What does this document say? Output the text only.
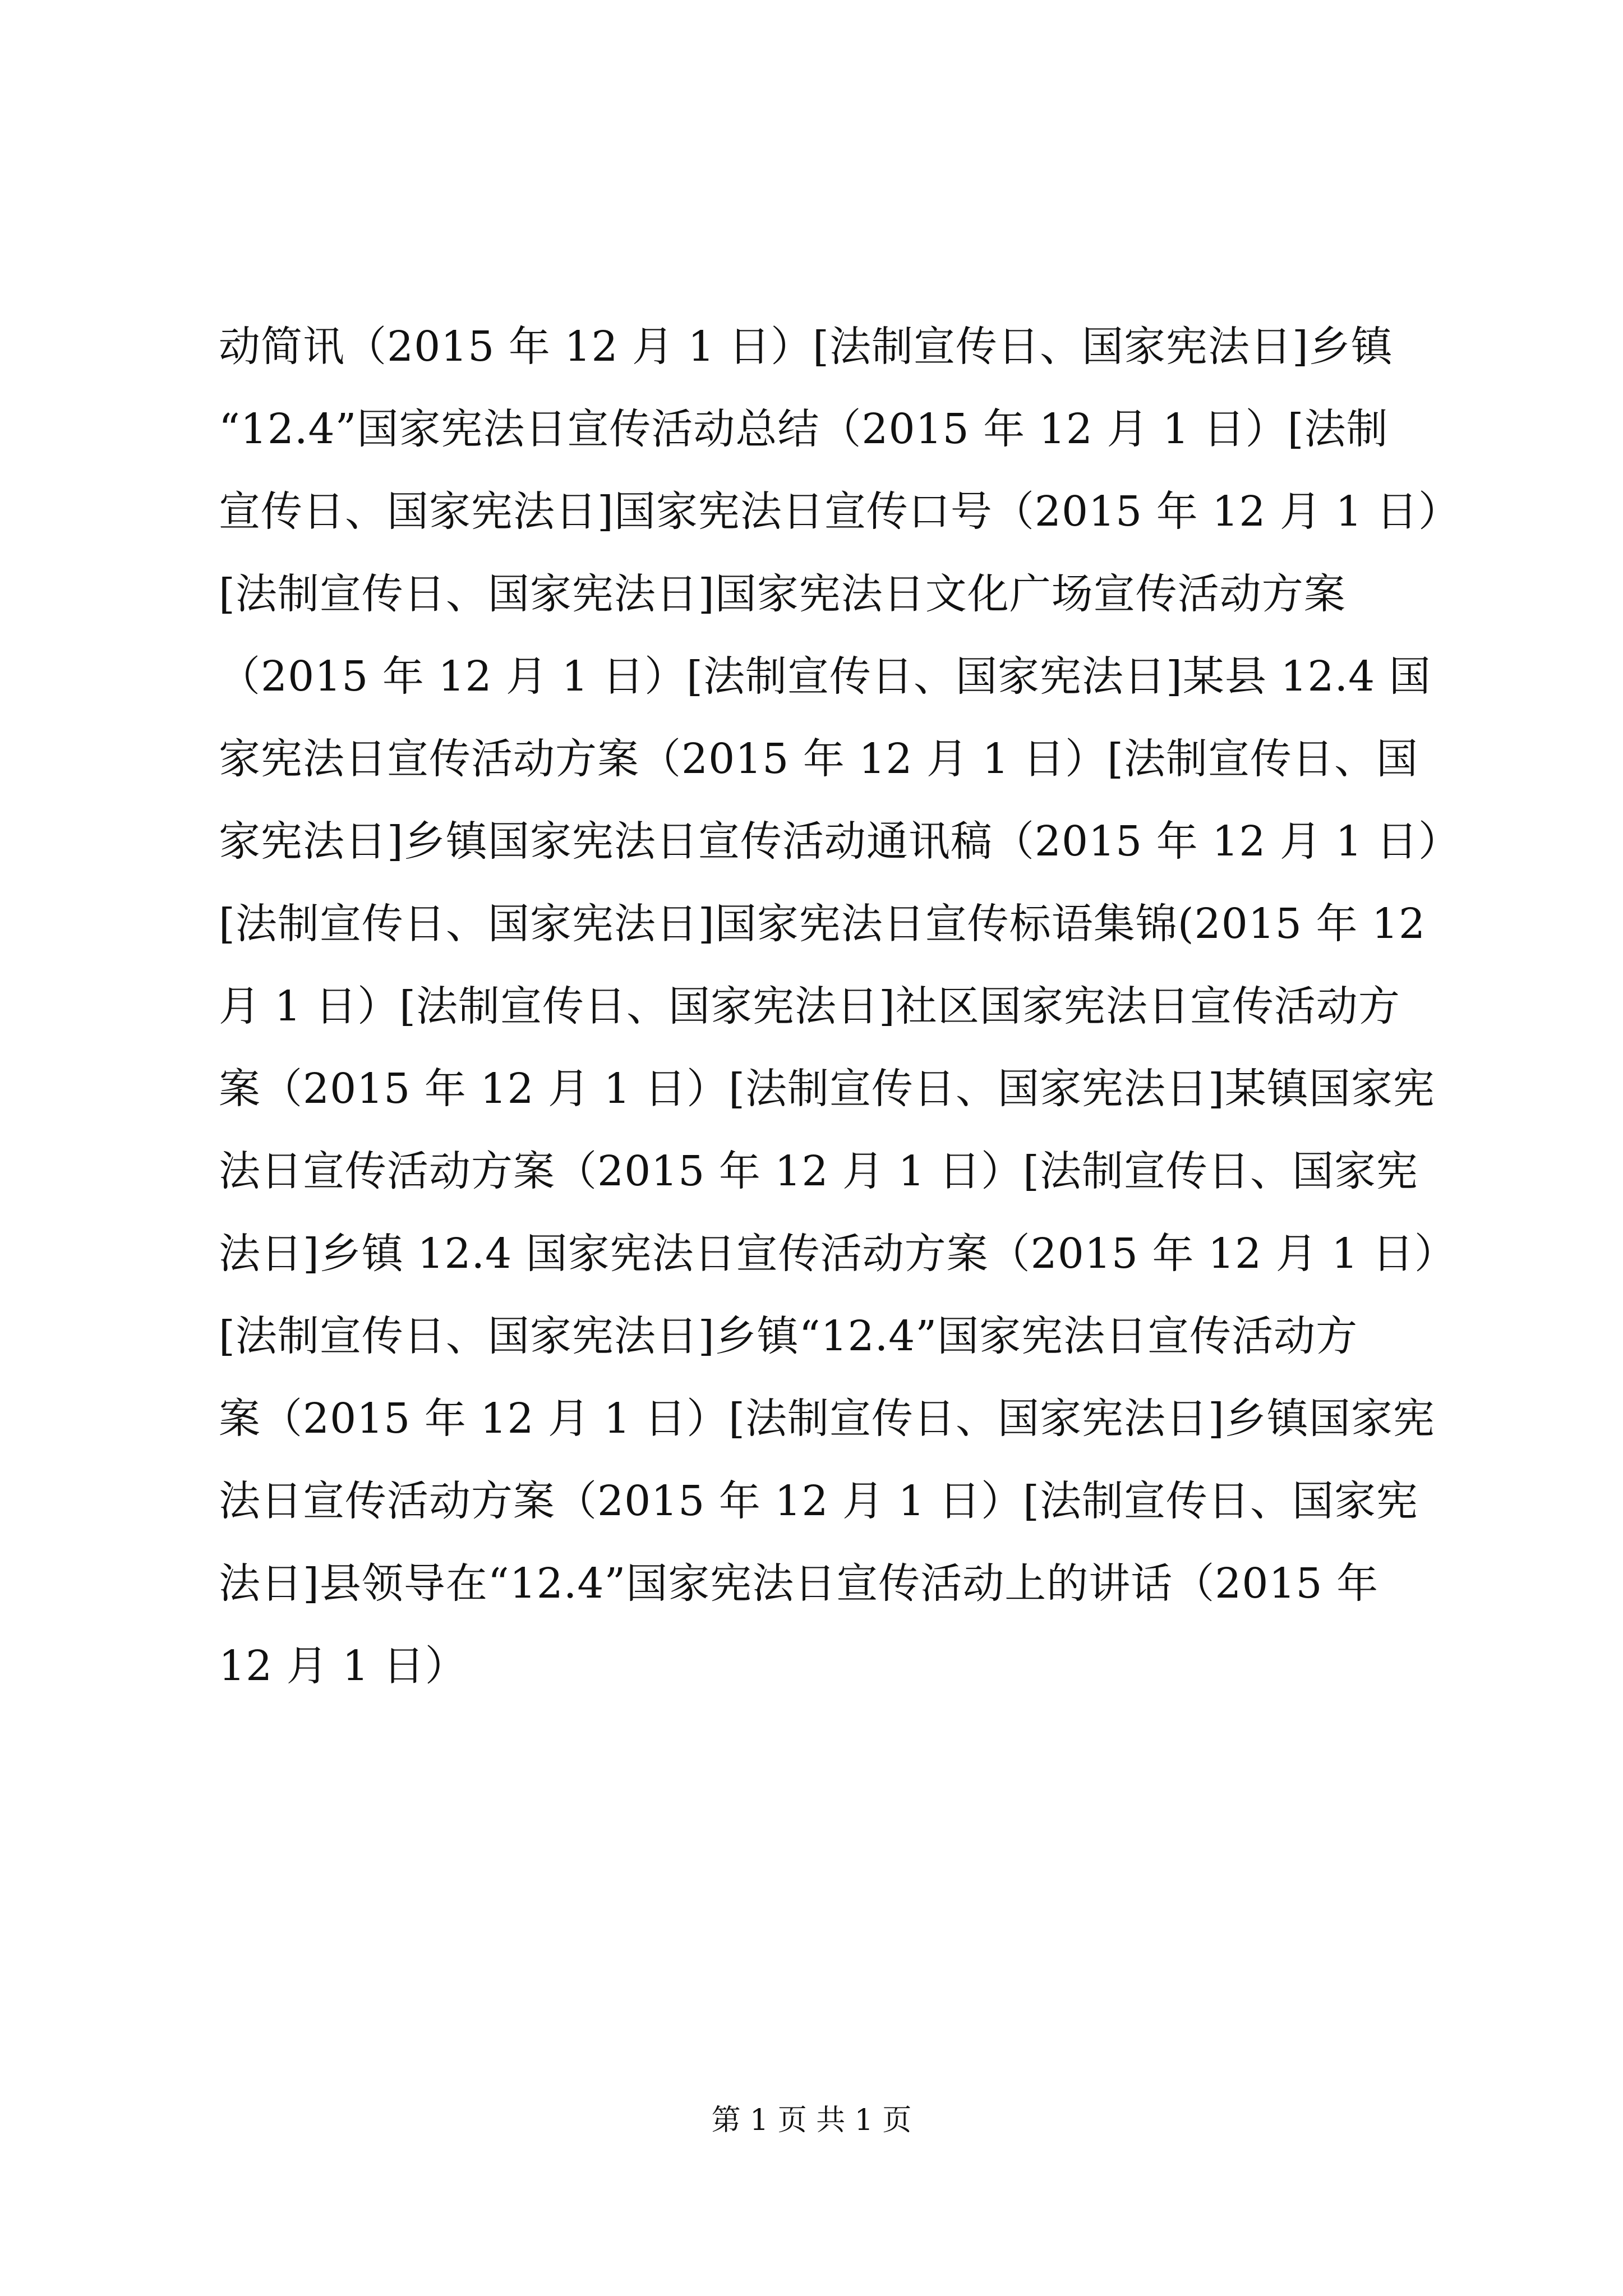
动简讯（2015 年 12 月 1 日）[法制宣传日、国家宪法日]乡镇
“12.4”国家宪法日宣传活动总结（2015 年 12 月 1 日）[法制
宣传日、国家宪法日]国家宪法日宣传口号（2015 年 12 月 1 日）
[法制宣传日、国家宪法日]国家宪法日文化广场宣传活动方案
（2015 年 12 月 1 日）[法制宣传日、国家宪法日]某县 12.4 国
家宪法日宣传活动方案（2015 年 12 月 1 日）[法制宣传日、国
家宪法日]乡镇国家宪法日宣传活动通讯稿（2015 年 12 月 1 日）
[法制宣传日、国家宪法日]国家宪法日宣传标语集锦(2015 年 12
月 1 日）[法制宣传日、国家宪法日]社区国家宪法日宣传活动方
案（2015 年 12 月 1 日）[法制宣传日、国家宪法日]某镇国家宪
法日宣传活动方案（2015 年 12 月 1 日）[法制宣传日、国家宪
法日]乡镇 12.4 国家宪法日宣传活动方案（2015 年 12 月 1 日）
[法制宣传日、国家宪法日]乡镇“12.4”国家宪法日宣传活动方
案（2015 年 12 月 1 日）[法制宣传日、国家宪法日]乡镇国家宪
法日宣传活动方案（2015 年 12 月 1 日）[法制宣传日、国家宪
法日]县领导在“12.4”国家宪法日宣传活动上的讲话（2015 年
12 月 1 日）
第 1 页 共 1 页
